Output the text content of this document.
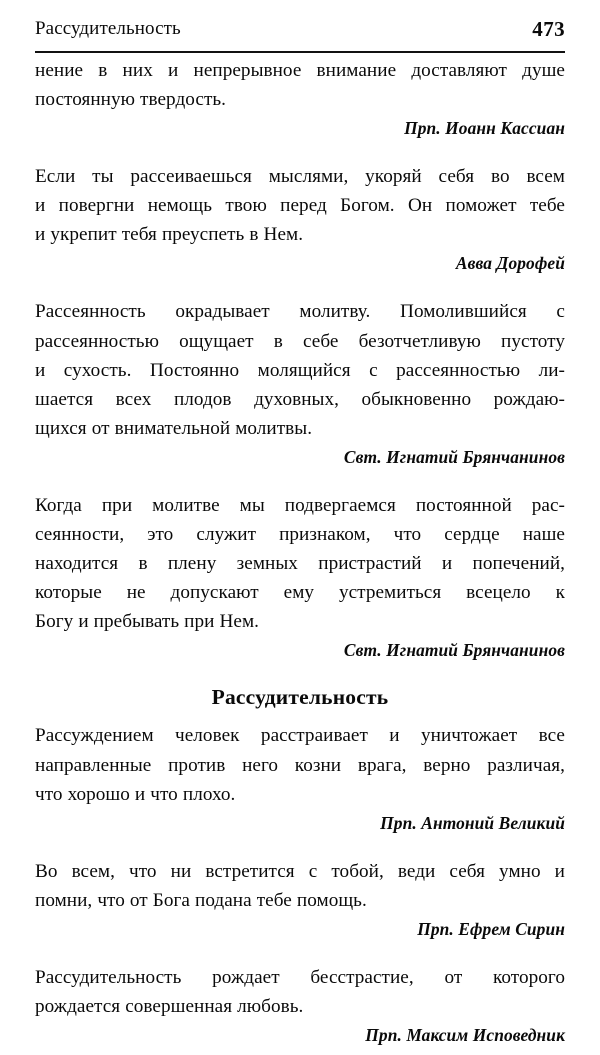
Рассудительность	473

нение в них и непрерывное внимание доставляют душе
постоянную твердость.

Прп. Иоанн Кассиан

Если ты рассеиваешься мыслями, укоряй себя во всем
и повергни немощь твою перед Богом. Он поможет тебе
и укрепит тебя преуспеть в Нем.

Авва Дорофей

Рассеянность окрадывает молитву. Помолившийся с
рассеянностью ощущает в себе безотчетливую пустоту
и сухость. Постоянно молящийся с рассеянностью ли-
шается всех плодов духовных, обыкновенно рождаю-
щихся от внимательной молитвы.

Свт. Игнатий Брянчанинов

Когда при молитве мы подвергаемся постоянной рас-
сеянности, это служит признаком, что сердце наше
находится в плену земных пристрастий и попечений,
которые не допускают ему устремиться всецело к
Богу и пребывать при Нем.

Свт. Игнатий Брянчанинов

Рассудительность

Рассуждением человек расстраивает и уничтожает все
направленные против него козни врага, верно различая,
что хорошо и что плохо.

Прп. Антоний Великий

Во всем, что ни встретится с тобой, веди себя умно и
помни, что от Бога подана тебе помощь.

Прп. Ефрем Сирин

Рассудительность рождает бесстрастие, от которого
рождается совершенная любовь.

Прп. Максим Исповедник
